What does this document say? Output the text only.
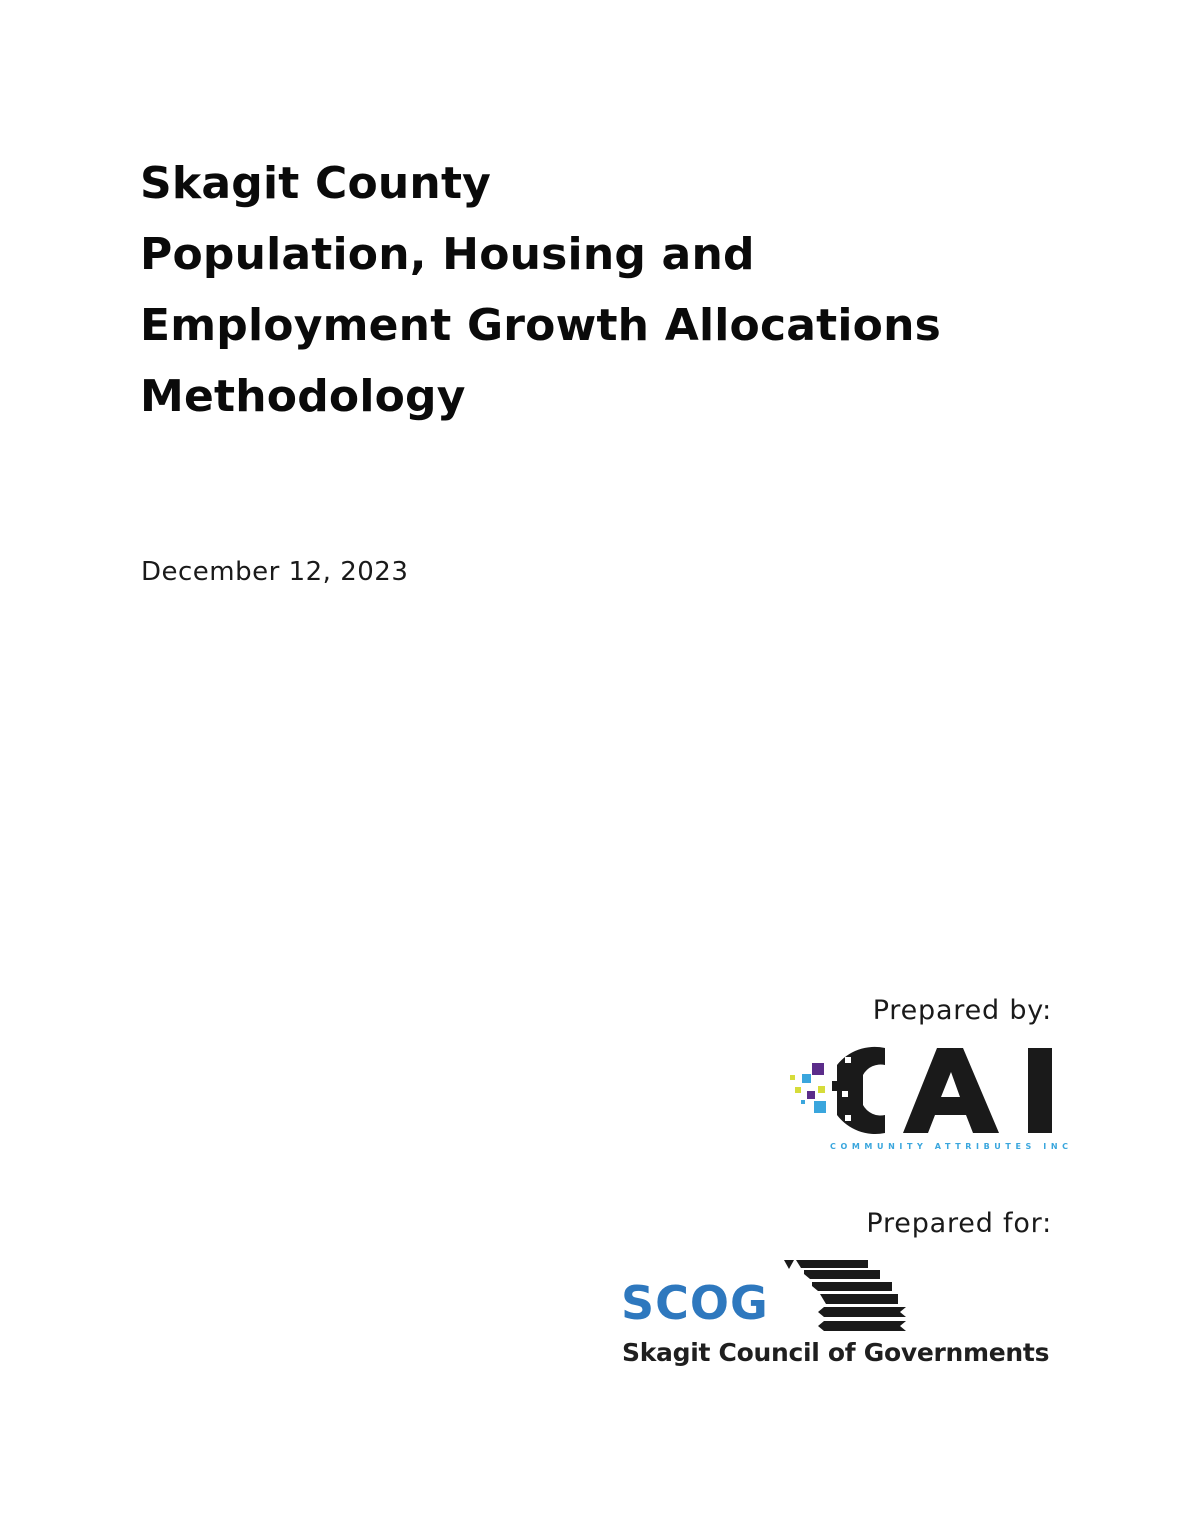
Skagit County
Population, Housing and
Employment Growth Allocations
Methodology
December 12, 2023
Prepared by:
COMMUNITY ATTRIBUTES INC
Prepared for:
SCOG
Skagit Council of Governments
